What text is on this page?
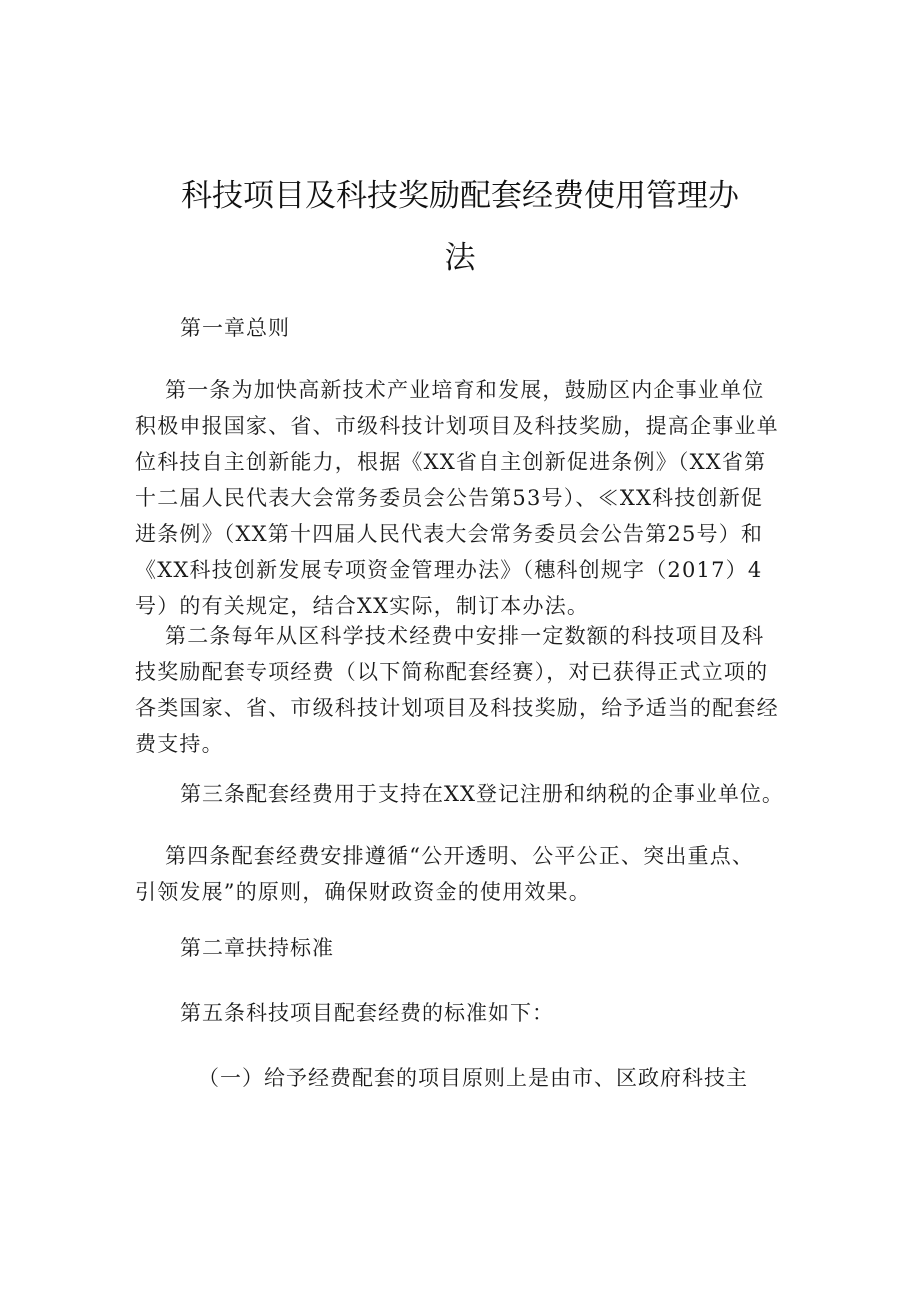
科技项目及科技奖励配套经费使用管理办
法
第一章总则
第一条为加快高新技术产业培育和发展，鼓励区内企事业单位
积极申报国家、省、市级科技计划项目及科技奖励，提高企事业单
位科技自主创新能力，根据《XX省自主创新促进条例》（XX省第
十二届人民代表大会常务委员会公告第53号）、≪XX科技创新促
进条例》（XX第十四届人民代表大会常务委员会公告第25号）和
《XX科技创新发展专项资金管理办法》（穗科创规字（2017）4
号）的有关规定，结合XX实际，制订本办法。
第二条每年从区科学技术经费中安排一定数额的科技项目及科
技奖励配套专项经费（以下简称配套经赛），对已获得正式立项的
各类国家、省、市级科技计划项目及科技奖励，给予适当的配套经
费支持。
第三条配套经费用于支持在XX登记注册和纳税的企事业单位。
第四条配套经费安排遵循“公开透明、公平公正、突出重点、
引领发展”的原则，确保财政资金的使用效果。
第二章扶持标准
第五条科技项目配套经费的标准如下：
（一）给予经费配套的项目原则上是由市、区政府科技主
